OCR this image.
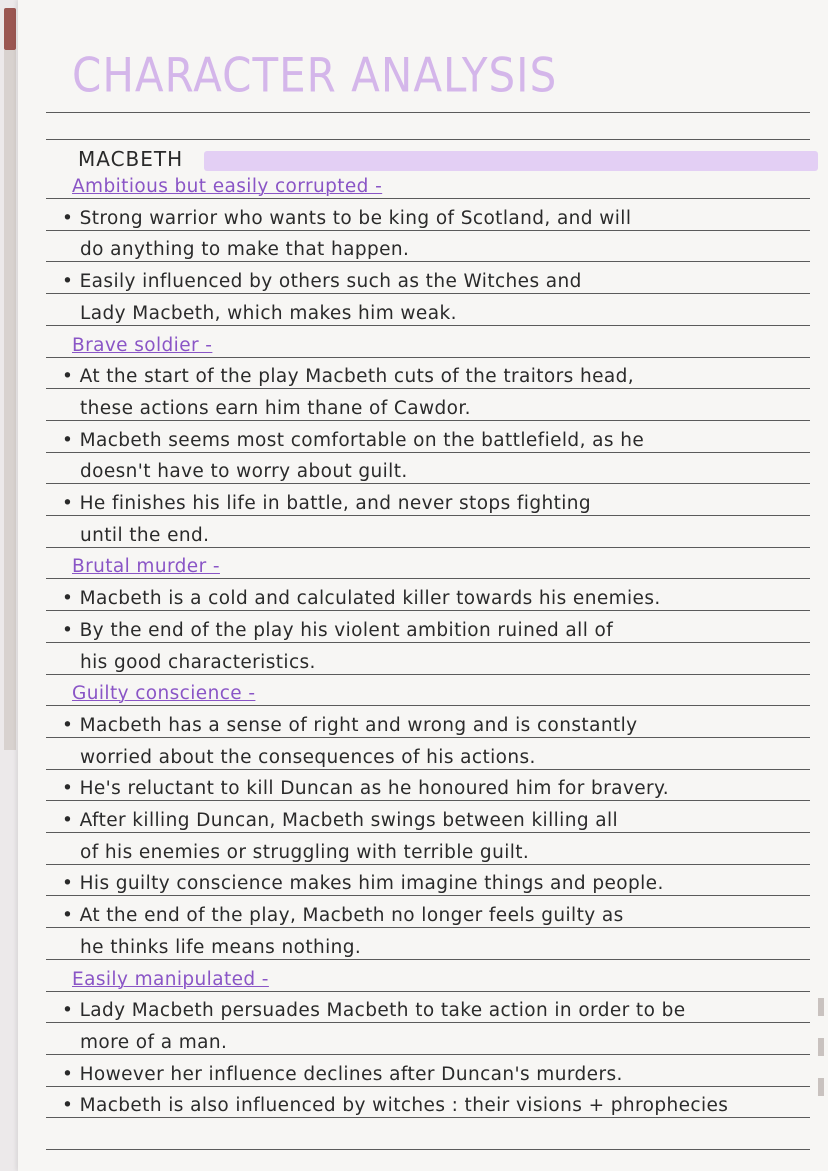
CHARACTER ANALYSIS
MACBETH
Ambitious but easily corrupted -
• Strong warrior who wants to be king of Scotland, and will
do anything to make that happen.
• Easily influenced by others such as the Witches and
Lady Macbeth, which makes him weak.
Brave soldier -
• At the start of the play Macbeth cuts of the traitors head,
these actions earn him thane of Cawdor.
• Macbeth seems most comfortable on the battlefield, as he
doesn't have to worry about guilt.
• He finishes his life in battle, and never stops fighting
until the end.
Brutal murder -
• Macbeth is a cold and calculated killer towards his enemies.
• By the end of the play his violent ambition ruined all of
his good characteristics.
Guilty conscience -
• Macbeth has a sense of right and wrong and is constantly
worried about the consequences of his actions.
• He's reluctant to kill Duncan as he honoured him for bravery.
• After killing Duncan, Macbeth swings between killing all
of his enemies or struggling with terrible guilt.
• His guilty conscience makes him imagine things and people.
• At the end of the play, Macbeth no longer feels guilty as
he thinks life means nothing.
Easily manipulated -
• Lady Macbeth persuades Macbeth to take action in order to be
more of a man.
• However her influence declines after Duncan's murders.
• Macbeth is also influenced by witches : their visions + phrophecies
